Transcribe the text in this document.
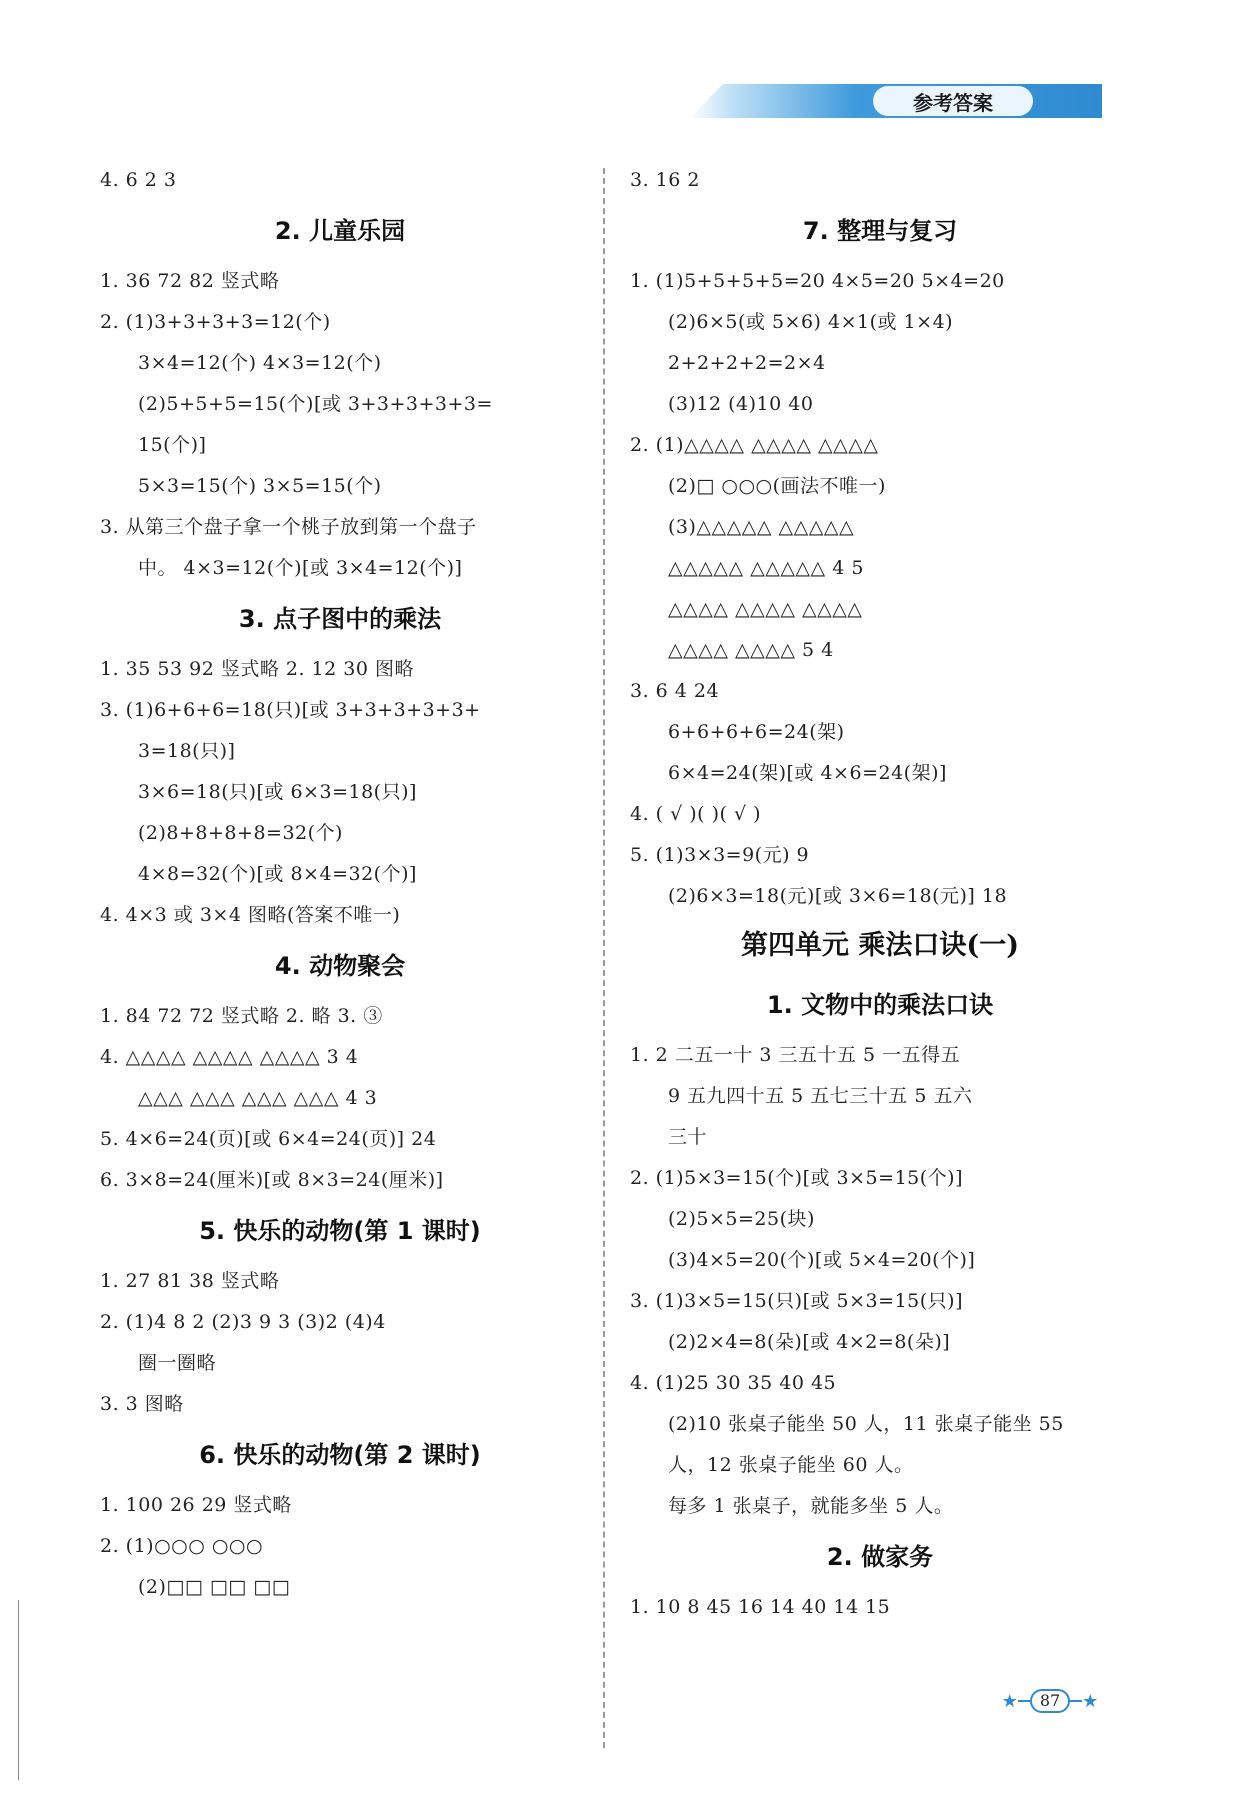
参考答案
4. 6 2 3
2. 儿童乐园
1. 36 72 82 竖式略
2. (1)3+3+3+3=12(个)
3×4=12(个) 4×3=12(个)
(2)5+5+5=15(个)[或 3+3+3+3+3=
15(个)]
5×3=15(个) 3×5=15(个)
3. 从第三个盘子拿一个桃子放到第一个盘子
中。 4×3=12(个)[或 3×4=12(个)]
3. 点子图中的乘法
1. 35 53 92 竖式略 2. 12 30 图略
3. (1)6+6+6=18(只)[或 3+3+3+3+3+
3=18(只)]
3×6=18(只)[或 6×3=18(只)]
(2)8+8+8+8=32(个)
4×8=32(个)[或 8×4=32(个)]
4. 4×3 或 3×4 图略(答案不唯一)
4. 动物聚会
1. 84 72 72 竖式略 2. 略 3. ③
4. △△△△ △△△△ △△△△ 3 4
△△△ △△△ △△△ △△△ 4 3
5. 4×6=24(页)[或 6×4=24(页)] 24
6. 3×8=24(厘米)[或 8×3=24(厘米)]
5. 快乐的动物(第 1 课时)
1. 27 81 38 竖式略
2. (1)4 8 2 (2)3 9 3 (3)2 (4)4
圈一圈略
3. 3 图略
6. 快乐的动物(第 2 课时)
1. 100 26 29 竖式略
2. (1)○○○ ○○○
(2)□□ □□ □□
3. 16 2
7. 整理与复习
1. (1)5+5+5+5=20 4×5=20 5×4=20
(2)6×5(或 5×6) 4×1(或 1×4)
2+2+2+2=2×4
(3)12 (4)10 40
2. (1)△△△△ △△△△ △△△△
(2)□ ○○○(画法不唯一)
(3)△△△△△ △△△△△
△△△△△ △△△△△ 4 5
△△△△ △△△△ △△△△
△△△△ △△△△ 5 4
3. 6 4 24
6+6+6+6=24(架)
6×4=24(架)[或 4×6=24(架)]
4. ( √ )( )( √ )
5. (1)3×3=9(元) 9
(2)6×3=18(元)[或 3×6=18(元)] 18
第四单元 乘法口诀(一)
1. 文物中的乘法口诀
1. 2 二五一十 3 三五十五 5 一五得五
9 五九四十五 5 五七三十五 5 五六
三十
2. (1)5×3=15(个)[或 3×5=15(个)]
(2)5×5=25(块)
(3)4×5=20(个)[或 5×4=20(个)]
3. (1)3×5=15(只)[或 5×3=15(只)]
(2)2×4=8(朵)[或 4×2=8(朵)]
4. (1)25 30 35 40 45
(2)10 张桌子能坐 50 人，11 张桌子能坐 55
人，12 张桌子能坐 60 人。
每多 1 张桌子，就能多坐 5 人。
2. 做家务
1. 10 8 45 16 14 40 14 15
★	87	★
